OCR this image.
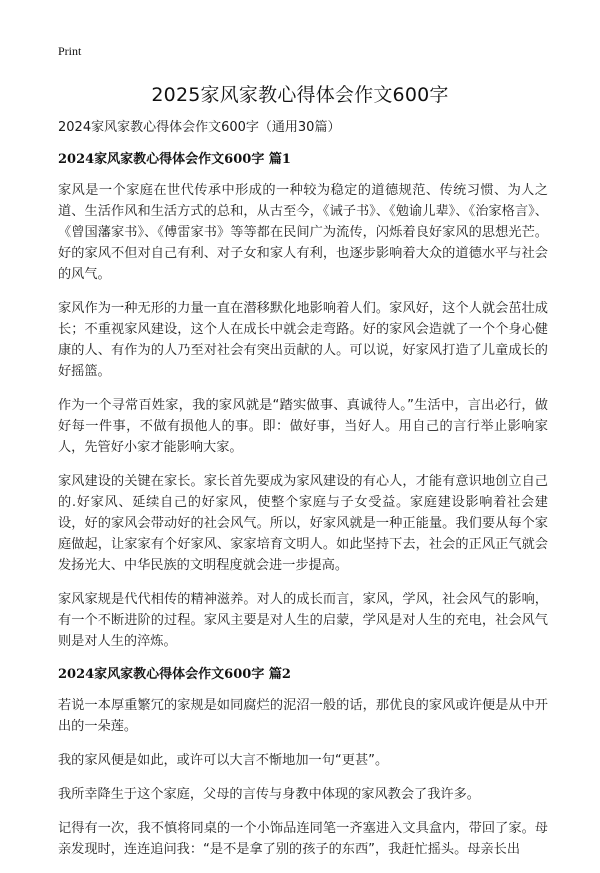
Print
2025家风家教心得体会作文600字
2024家风家教心得体会作文600字（通用30篇）
2024家风家教心得体会作文600字 篇1

家风是一个家庭在世代传承中形成的一种较为稳定的道德规范、传统习惯、为人之道、生活作风和生活方式的总和，从古至今，《诫子书》、《勉谕儿辈》、《治家格言》、《曾国藩家书》、《傅雷家书》等等都在民间广为流传，闪烁着良好家风的思想光芒。好的家风不但对自己有利、对子女和家人有利，也逐步影响着大众的道德水平与社会的风气。

家风作为一种无形的力量一直在潜移默化地影响着人们。家风好，这个人就会茁壮成长；不重视家风建设，这个人在成长中就会走弯路。好的家风会造就了一个个身心健康的人、有作为的人乃至对社会有突出贡献的人。可以说，好家风打造了儿童成长的好摇篮。

作为一个寻常百姓家，我的家风就是“踏实做事、真诚待人。”生活中，言出必行，做好每一件事，不做有损他人的事。即：做好事，当好人。用自己的言行举止影响家人，先管好小家才能影响大家。

家风建设的关键在家长。家长首先要成为家风建设的有心人，才能有意识地创立自己的.好家风、延续自己的好家风，使整个家庭与子女受益。家庭建设影响着社会建设，好的家风会带动好的社会风气。所以，好家风就是一种正能量。我们要从每个家庭做起，让家家有个好家风、家家培育文明人。如此坚持下去，社会的正风正气就会发扬光大、中华民族的文明程度就会进一步提高。

家风家规是代代相传的精神滋养。对人的成长而言，家风，学风，社会风气的影响，有一个不断进阶的过程。家风主要是对人生的启蒙，学风是对人生的充电，社会风气则是对人生的淬炼。

2024家风家教心得体会作文600字 篇2

若说一本厚重繁冗的家规是如同腐烂的泥沼一般的话，那优良的家风或许便是从中开出的一朵莲。

我的家风便是如此，或许可以大言不惭地加一句“更甚”。

我所幸降生于这个家庭，父母的言传与身教中体现的家风教会了我许多。

记得有一次，我不慎将同桌的一个小饰品连同笔一齐塞进入文具盒内，带回了家。母亲发现时，连连追问我：“是不是拿了别的孩子的东西”，我赶忙摇头。母亲长出
